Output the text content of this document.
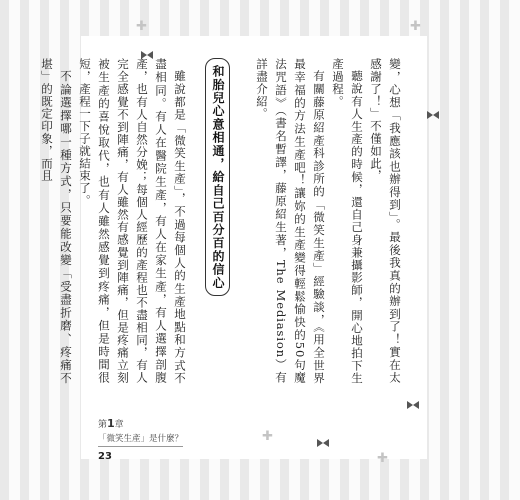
✚	✚
✚
✚

變，心想「我應該也辦得到」。最後我真的辦到了！實在太感謝了！」不僅如此，

聽說有人生產的時候，還自己身兼攝影師，開心地拍下生產過程。

有關藤原紹產科診所的「微笑生產」經驗談，《用全世界最幸福的方法生產吧！讓妳的生產變得輕鬆愉快的50句魔法咒語》（書名暫譯，藤原紹生著，The Mediasion）有詳盡介紹。

和胎兒心意相通，給自己百分百的信心

雖說都是「微笑生產」，不過每個人的生產地點和方式不盡相同。有人在醫院生產，有人在家生產，有人選擇剖腹產，也有人自然分娩；每個人經歷的產程也不盡相同，有人完全感覺不到陣痛，有人雖然有感覺到陣痛，但是疼痛立刻被生產的喜悅取代，也有人雖然感覺到疼痛，但是時間很短，產程一下子就結束了。

不論選擇哪一種方式，只要能改變「受盡折磨、疼痛不堪」的既定印象，而且

第1章
「微笑生產」是什麼？
23
